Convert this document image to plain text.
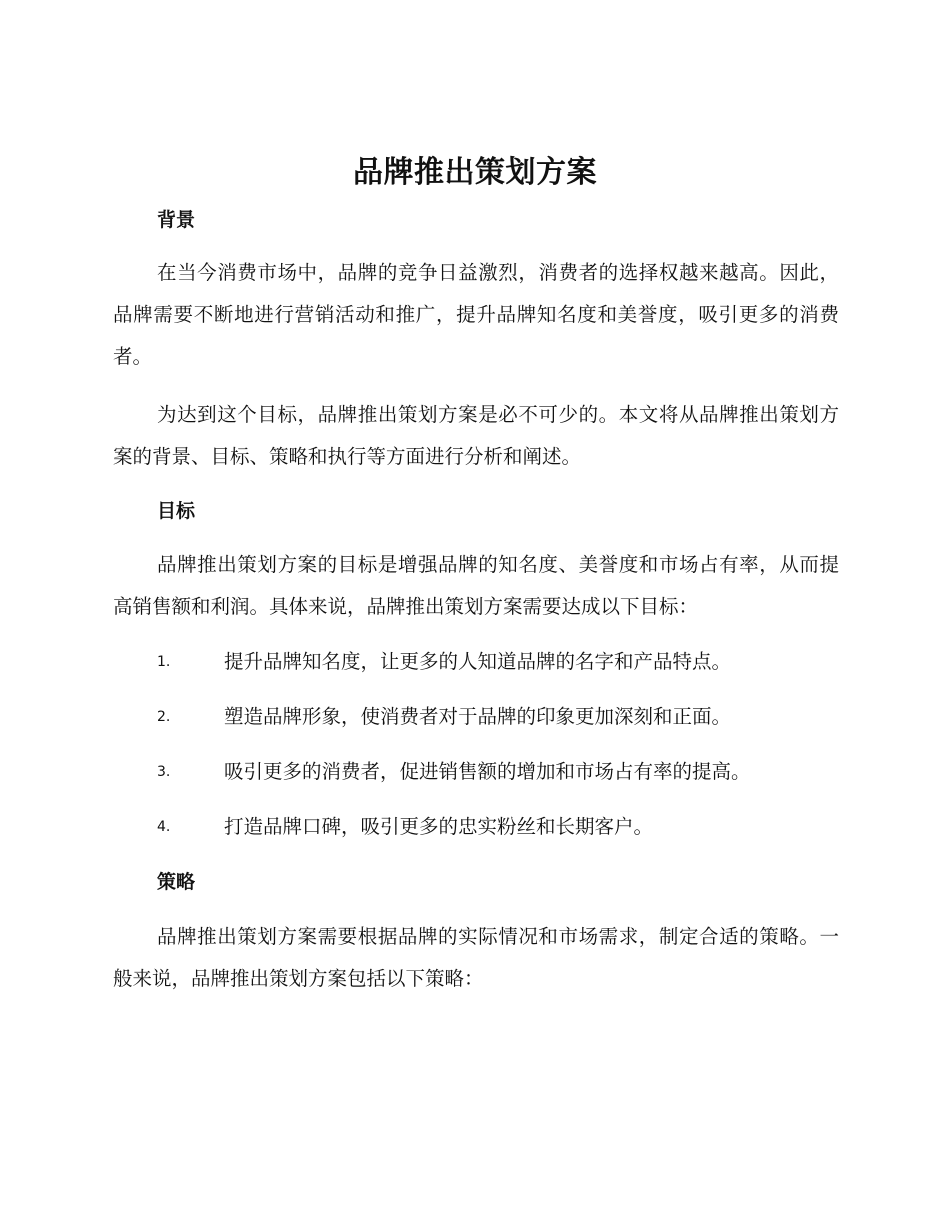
品牌推出策划方案
背景

在当今消费市场中，品牌的竞争日益激烈，消费者的选择权越来越高。因此，品牌需要不断地进行营销活动和推广，提升品牌知名度和美誉度，吸引更多的消费者。

为达到这个目标，品牌推出策划方案是必不可少的。本文将从品牌推出策划方案的背景、目标、策略和执行等方面进行分析和阐述。

目标

品牌推出策划方案的目标是增强品牌的知名度、美誉度和市场占有率，从而提高销售额和利润。具体来说，品牌推出策划方案需要达成以下目标：

1.	提升品牌知名度，让更多的人知道品牌的名字和产品特点。
2.	塑造品牌形象，使消费者对于品牌的印象更加深刻和正面。
3.	吸引更多的消费者，促进销售额的增加和市场占有率的提高。
4.	打造品牌口碑，吸引更多的忠实粉丝和长期客户。
策略

品牌推出策划方案需要根据品牌的实际情况和市场需求，制定合适的策略。一般来说，品牌推出策划方案包括以下策略：
